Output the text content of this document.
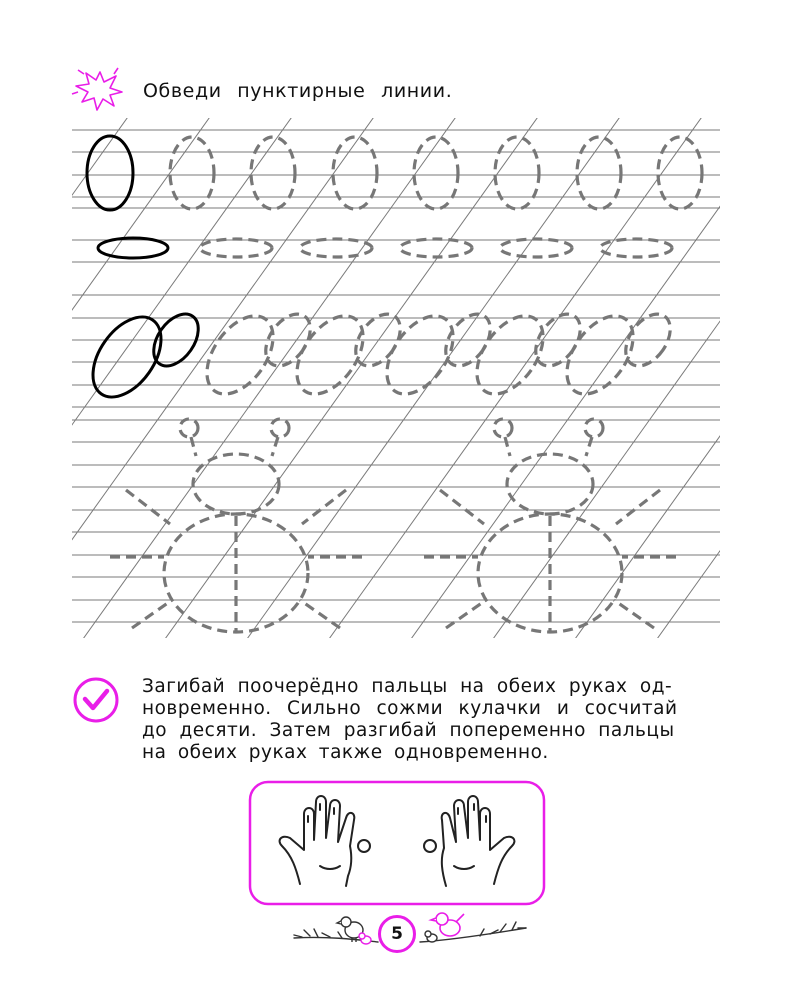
Обведи пунктирные линии.
Загибай поочерёдно пальцы на обеих руках од-
новременно. Сильно сожми кулачки и сосчитай
до десяти. Затем разгибай попеременно пальцы
на обеих руках также одновременно.
5
